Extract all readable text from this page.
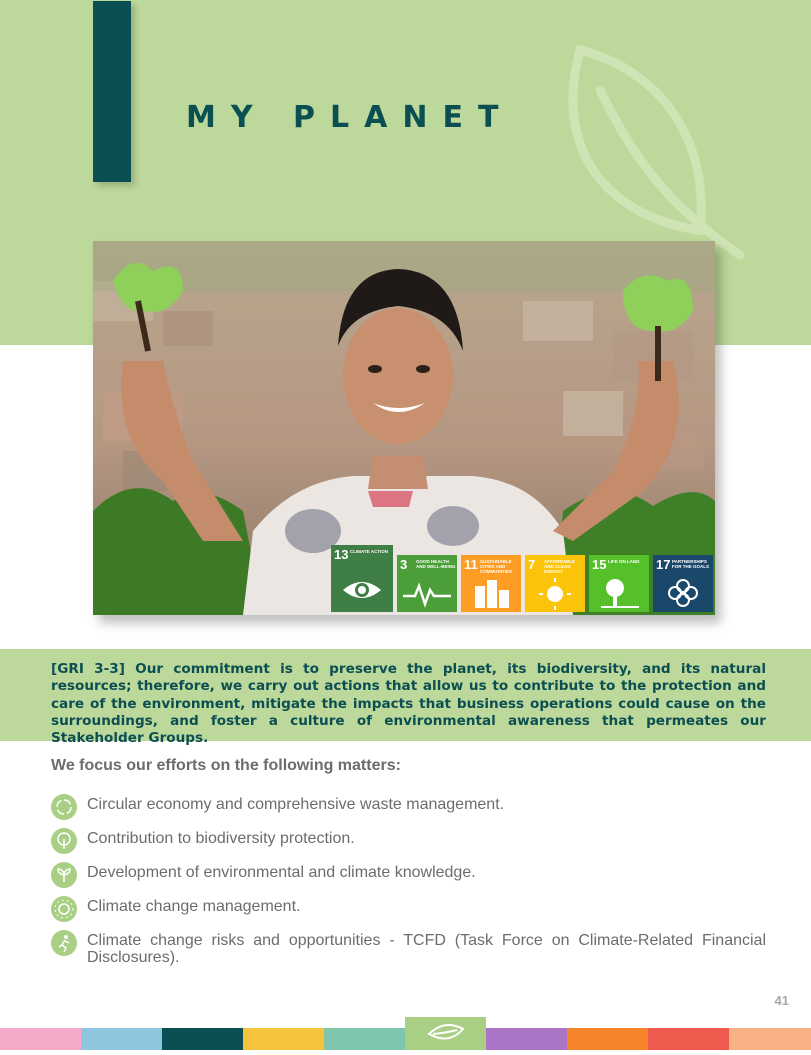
MY PLANET
13 CLIMATE ACTION
3 GOOD HEALTH AND WELL-BEING 11 SUSTAINABLE CITIES AND COMMUNITIES	7 AFFORDABLE AND CLEAN ENERGY	15 LIFE ON LAND	17 PARTNERSHIPS FOR THE GOALS
[GRI 3-3] Our commitment is to preserve the planet, its biodiversity, and its natural resources; therefore, we carry out actions that allow us to contribute to the protection and care of the environment, mitigate the impacts that business operations could cause on the surroundings, and foster a culture of environmental awareness that permeates our Stakeholder Groups.
We focus our efforts on the following matters:
Circular economy and comprehensive waste management.
Contribution to biodiversity protection.
Development of environmental and climate knowledge.
Climate change management.
Climate change risks and opportunities - TCFD (Task Force on Climate-Related Financial Disclosures).
41
